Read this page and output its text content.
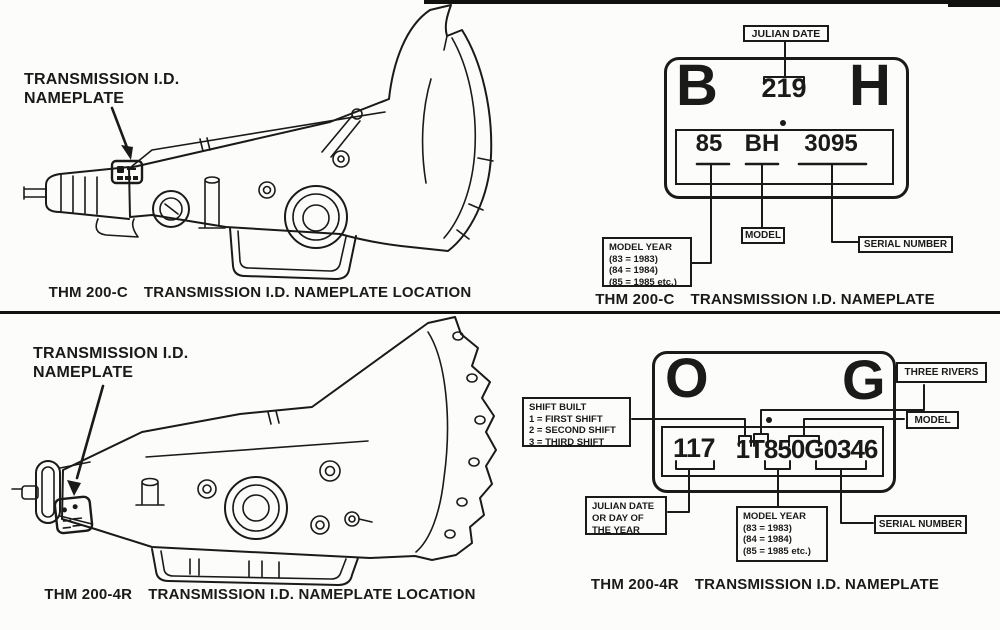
TRANSMISSION I.D.
NAMEPLATE
THM 200-C TRANSMISSION I.D. NAMEPLATE LOCATION
B H
219
85 BH	3095
JULIAN DATE
MODEL YEAR
(83 = 1983)
(84 = 1984)
(85 = 1985 etc.)
MODEL
SERIAL NUMBER
THM 200-C TRANSMISSION I.D. NAMEPLATE
TRANSMISSION I.D.
NAMEPLATE
THM 200-4R TRANSMISSION I.D. NAMEPLATE LOCATION
O G
117 1T850G0346
SHIFT BUILT
1 = FIRST SHIFT
2 = SECOND SHIFT
3 = THIRD SHIFT
THREE RIVERS
MODEL
JULIAN DATE
OR DAY OF
THE YEAR
MODEL YEAR
(83 = 1983)
(84 = 1984)
(85 = 1985 etc.)
SERIAL NUMBER
THM 200-4R TRANSMISSION I.D. NAMEPLATE
